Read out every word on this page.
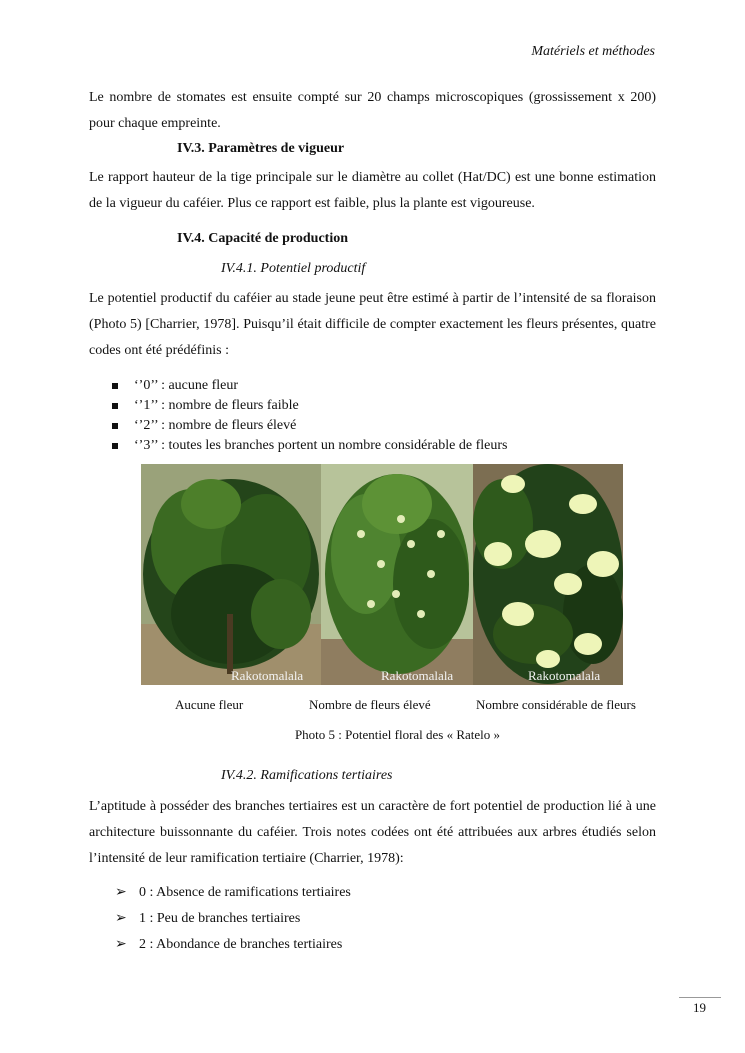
Matériels et méthodes
Le nombre de stomates est ensuite compté sur 20 champs microscopiques (grossissement x 200) pour chaque empreinte.
IV.3. Paramètres de vigueur
Le rapport hauteur de la tige principale sur le diamètre au collet (Hat/DC) est une bonne estimation de la vigueur du caféier. Plus ce rapport est faible, plus la plante est vigoureuse.
IV.4. Capacité de production
IV.4.1. Potentiel productif
Le potentiel productif du caféier au stade jeune peut être estimé à partir de l’intensité de sa floraison (Photo 5) [Charrier, 1978]. Puisqu’il était difficile de compter exactement les fleurs présentes, quatre codes ont été prédéfinis :
‘’0’’ : aucune fleur
‘’1’’ : nombre de fleurs faible
‘’2’’ : nombre de fleurs élevé
‘’3’’ : toutes les branches portent un nombre considérable de fleurs
Rakotomalala	Rakotomalala	Rakotomalala
Aucune fleur	Nombre de fleurs élevé	Nombre considérable de fleurs
Photo 5 : Potentiel floral des « Ratelo »
IV.4.2. Ramifications tertiaires
L’aptitude à posséder des branches tertiaires est un caractère de fort potentiel de production lié à une architecture buissonnante du caféier. Trois notes codées ont été attribuées aux arbres étudiés selon l’intensité de leur ramification tertiaire (Charrier, 1978):
➢ 0 : Absence de ramifications tertiaires
➢ 1 : Peu de branches tertiaires
➢ 2 : Abondance de branches tertiaires
19
